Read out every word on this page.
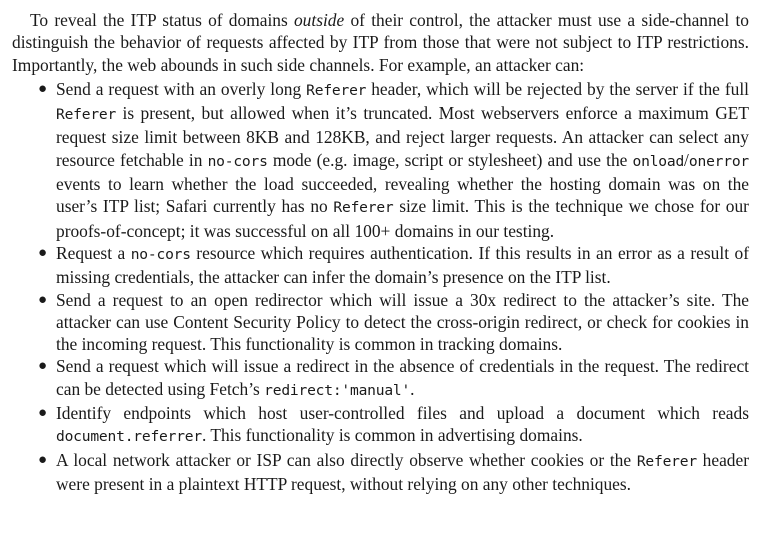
To reveal the ITP status of domains outside of their control, the attacker must use a side-channel to distinguish the behavior of requests affected by ITP from those that were not subject to ITP restrictions. Importantly, the web abounds in such side channels. For example, an attacker can:

● Send a request with an overly long Referer header, which will be rejected by the server if the full Referer is present, but allowed when it’s truncated. Most webservers enforce a maximum GET request size limit between 8KB and 128KB, and reject larger requests. An attacker can select any resource fetchable in no-cors mode (e.g. image, script or stylesheet) and use the onload/onerror events to learn whether the load succeeded, revealing whether the hosting domain was on the user’s ITP list; Safari currently has no Referer size limit. This is the technique we chose for our proofs-of-concept; it was successful on all 100+ domains in our testing.
● Request a no-cors resource which requires authentication. If this results in an error as a result of missing credentials, the attacker can infer the domain’s presence on the ITP list.
● Send a request to an open redirector which will issue a 30x redirect to the attacker’s site. The attacker can use Content Security Policy to detect the cross-origin redirect, or check for cookies in the incoming request. This functionality is common in tracking domains.
● Send a request which will issue a redirect in the absence of credentials in the request. The redirect can be detected using Fetch’s redirect:'manual'.
● Identify endpoints which host user-controlled files and upload a document which reads document.referrer. This functionality is common in advertising domains.
● A local network attacker or ISP can also directly observe whether cookies or the Referer header were present in a plaintext HTTP request, without relying on any other techniques.
